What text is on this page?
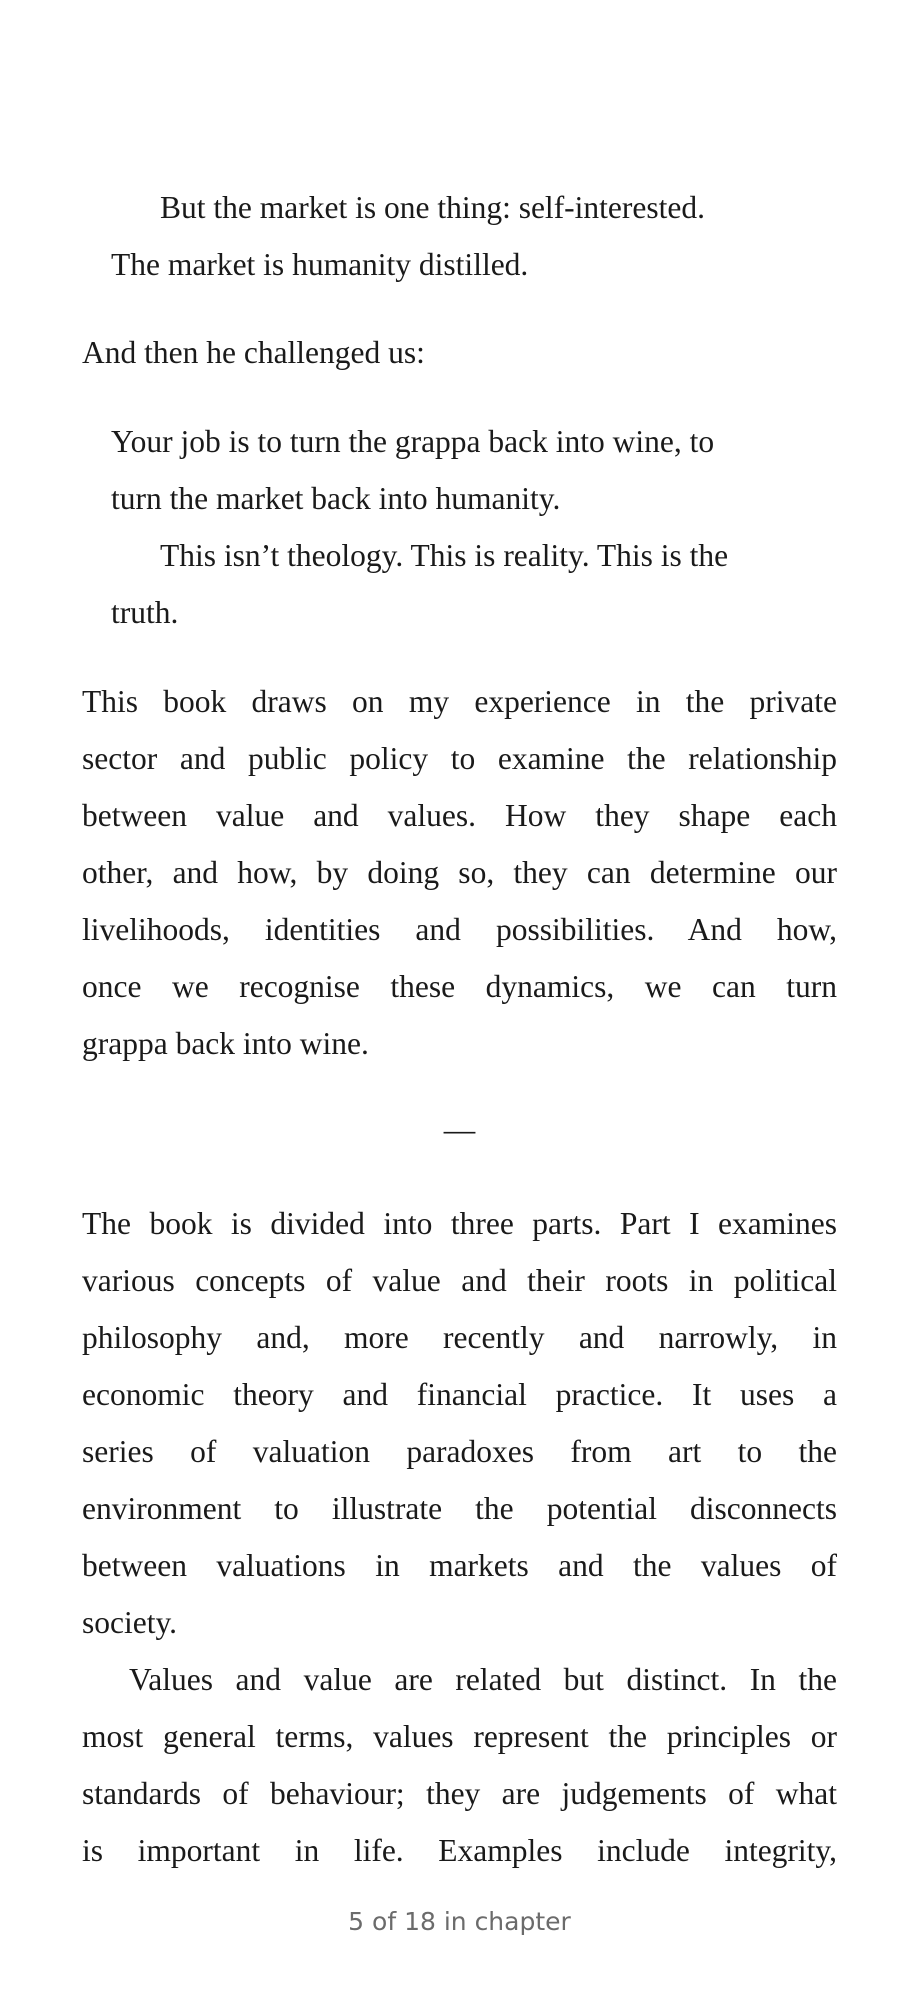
But the market is one thing: self-interested.
The market is humanity distilled.
And then he challenged us:
Your job is to turn the grappa back into wine, to
turn the market back into humanity.
This isn’t theology. This is reality. This is the
truth.
This book draws on my experience in the private
sector and public policy to examine the relationship
between value and values. How they shape each
other, and how, by doing so, they can determine our
livelihoods, identities and possibilities. And how,
once we recognise these dynamics, we can turn
grappa back into wine.
—
The book is divided into three parts. Part I examines
various concepts of value and their roots in political
philosophy and, more recently and narrowly, in
economic theory and financial practice. It uses a
series of valuation paradoxes from art to the
environment to illustrate the potential disconnects
between valuations in markets and the values of
society.
Values and value are related but distinct. In the
most general terms, values represent the principles or
standards of behaviour; they are judgements of what
is important in life. Examples include integrity,
5 of 18 in chapter
